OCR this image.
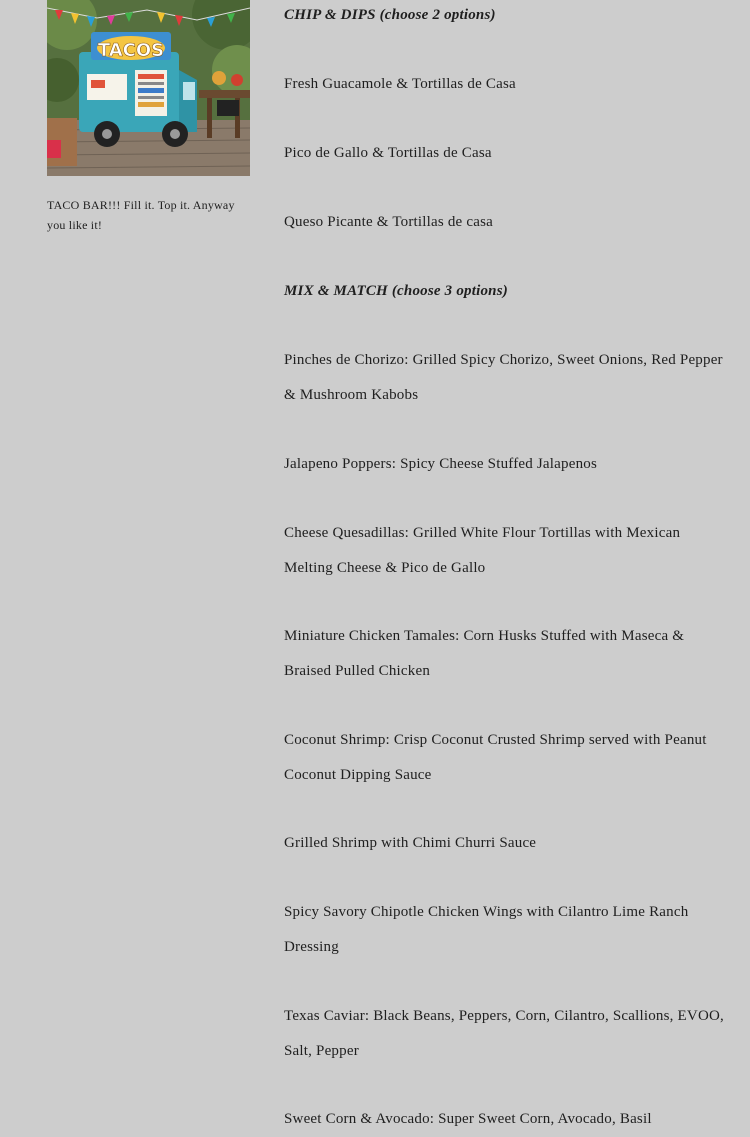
TACOS
TACO BAR!!! Fill it. Top it. Anyway you like it!

CHIP & DIPS (choose 2 options)

Fresh Guacamole & Tortillas de Casa

Pico de Gallo & Tortillas de Casa

Queso Picante & Tortillas de casa

MIX & MATCH (choose 3 options)

Pinches de Chorizo: Grilled Spicy Chorizo, Sweet Onions, Red Pepper & Mushroom Kabobs

Jalapeno Poppers: Spicy Cheese Stuffed Jalapenos

Cheese Quesadillas: Grilled White Flour Tortillas with Mexican Melting Cheese & Pico de Gallo

Miniature Chicken Tamales: Corn Husks Stuffed with Maseca & Braised Pulled Chicken

Coconut Shrimp: Crisp Coconut Crusted Shrimp served with Peanut Coconut Dipping Sauce

Grilled Shrimp with Chimi Churri Sauce

Spicy Savory Chipotle Chicken Wings with Cilantro Lime Ranch Dressing

Texas Caviar: Black Beans, Peppers, Corn, Cilantro, Scallions, EVOO, Salt, Pepper

Sweet Corn & Avocado: Super Sweet Corn, Avocado, Basil
